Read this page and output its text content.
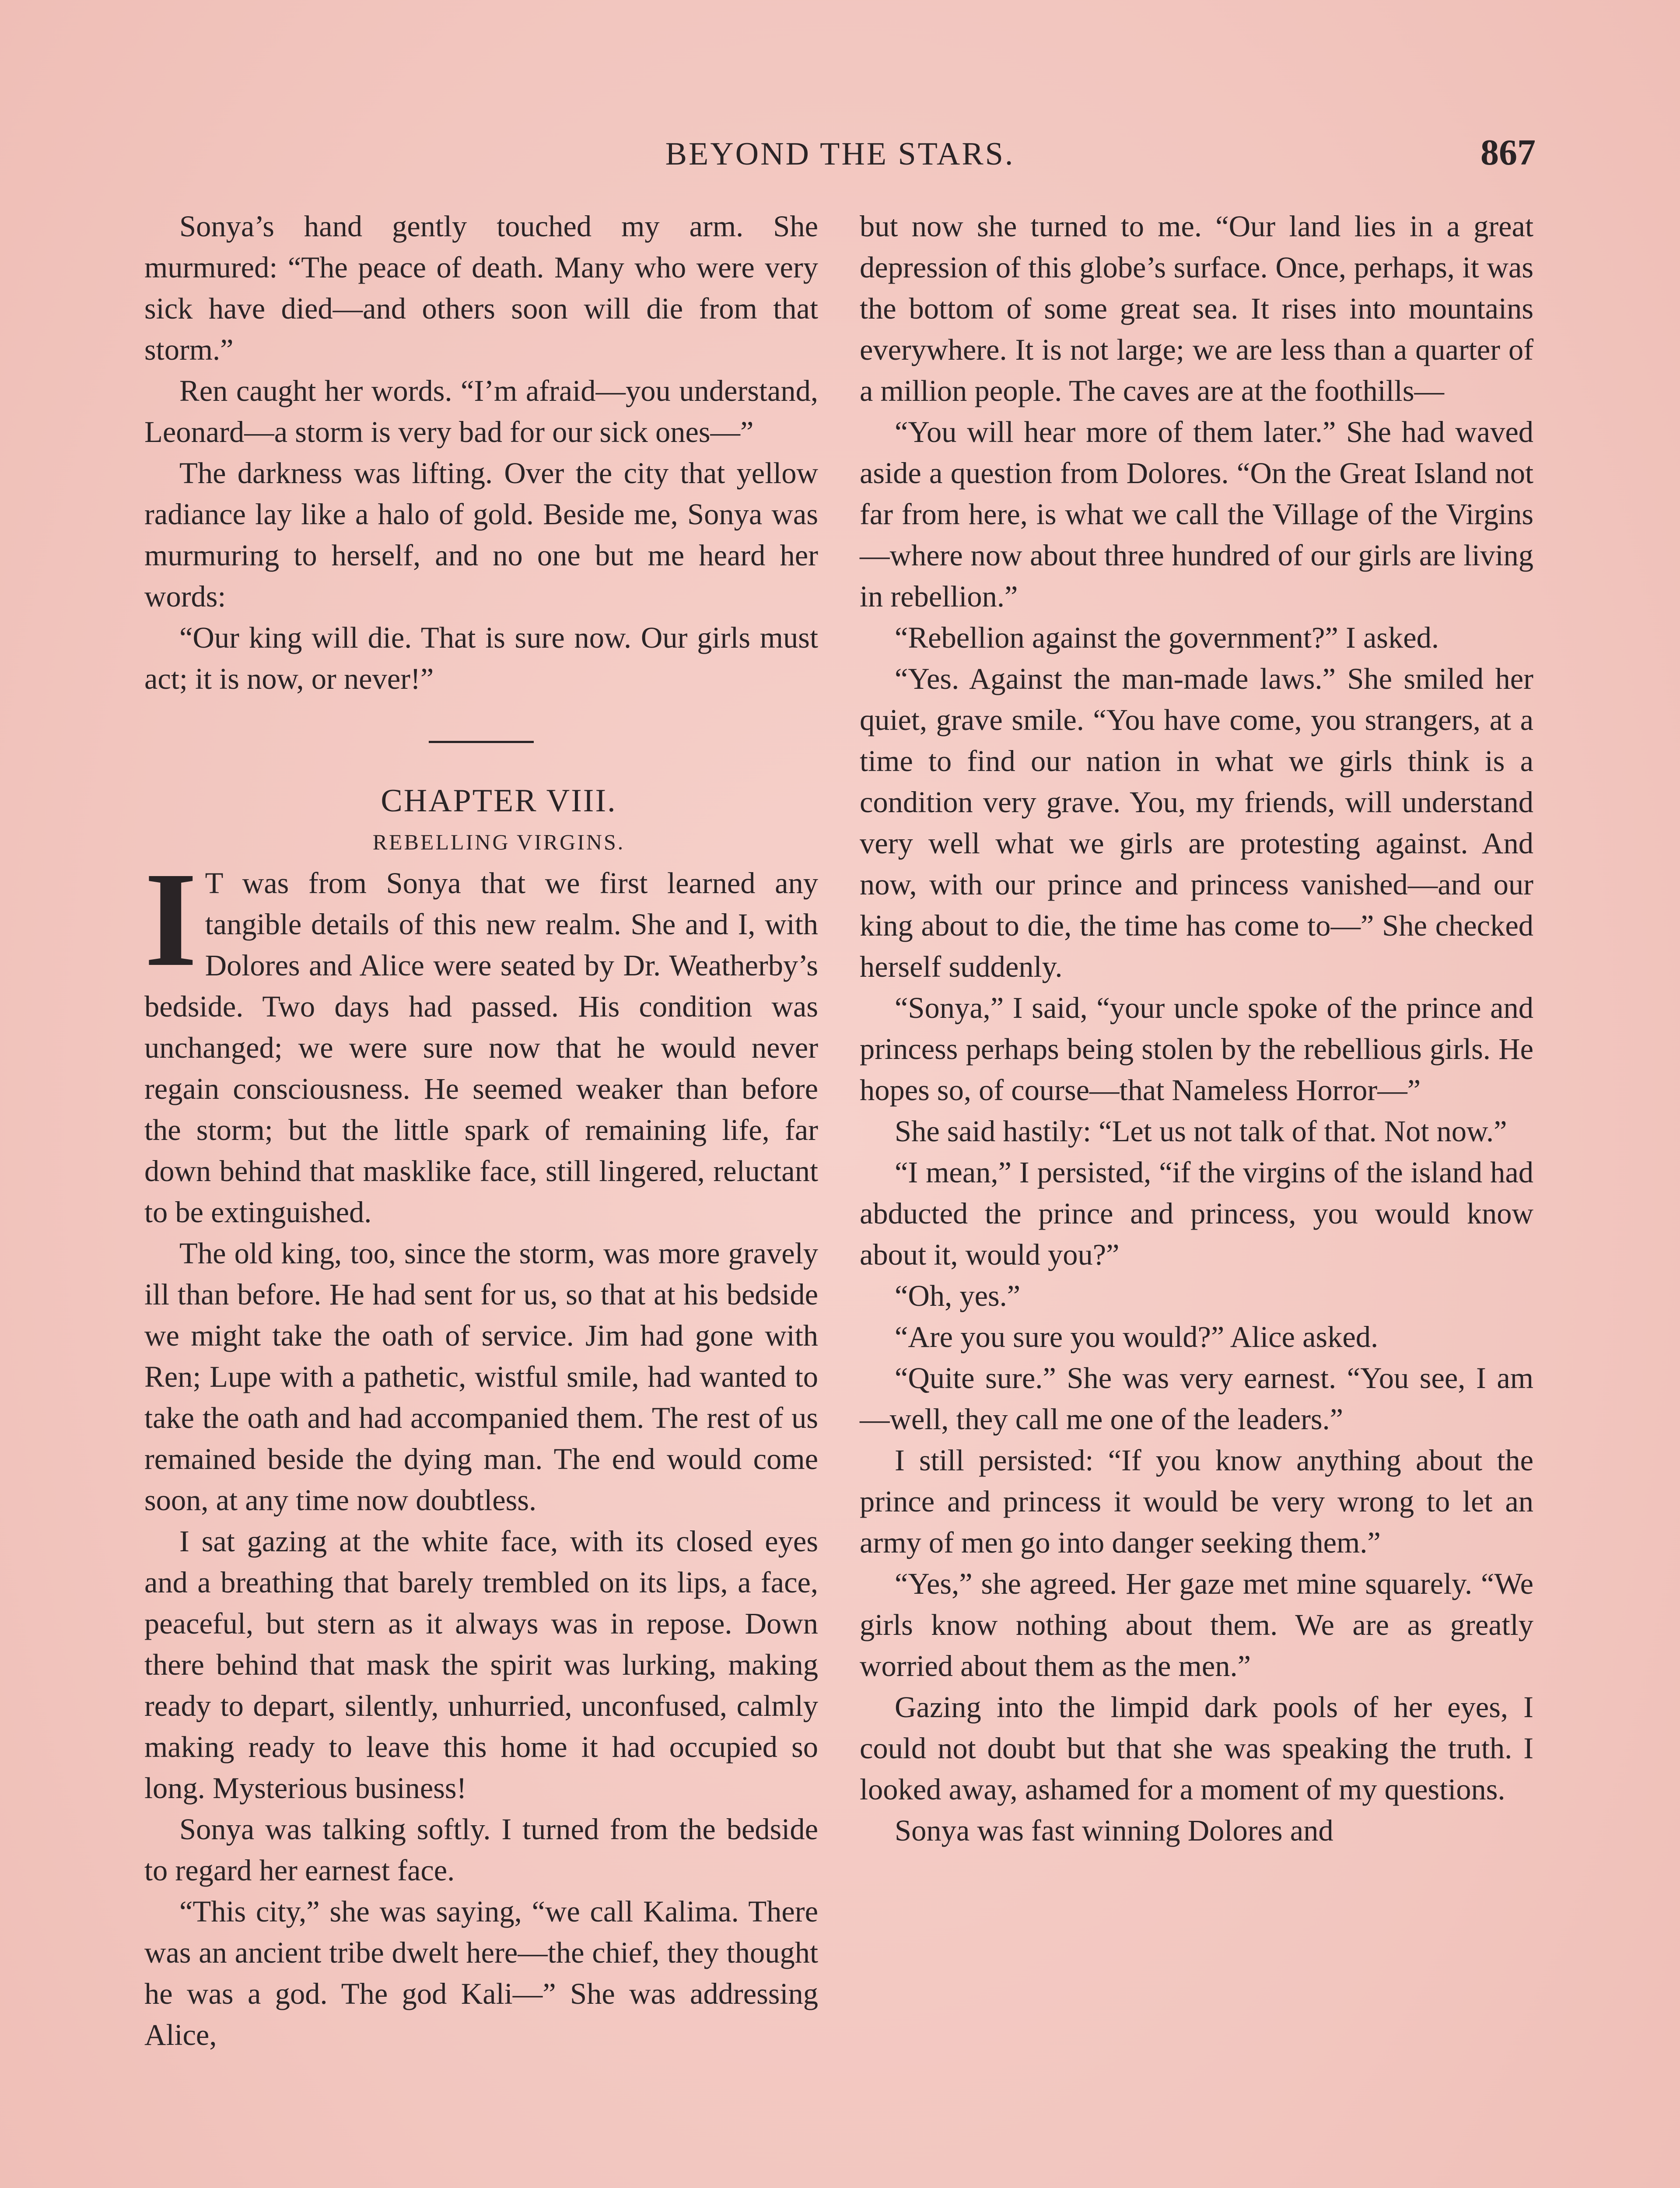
BEYOND THE STARS.	867

Sonya’s hand gently touched my arm. She murmured: “The peace of death. Many who were very sick have died—and others soon will die from that storm.”

Ren caught her words. “I’m afraid—you understand, Leonard—a storm is very bad for our sick ones—”

The darkness was lifting. Over the city that yellow radiance lay like a halo of gold. Beside me, Sonya was murmuring to herself, and no one but me heard her words:

“Our king will die. That is sure now. Our girls must act; it is now, or never!”

CHAPTER VIII.

REBELLING VIRGINS.

I T was from Sonya that we first learned any tangible details of this new realm. She and I, with Dolores and Alice were seated by Dr. Weatherby’s bedside. Two days had passed. His condition was unchanged; we were sure now that he would never regain consciousness. He seemed weaker than before the storm; but the little spark of remaining life, far down behind that masklike face, still lingered, reluctant to be extinguished.

The old king, too, since the storm, was more gravely ill than before. He had sent for us, so that at his bedside we might take the oath of service. Jim had gone with Ren; Lupe with a pathetic, wistful smile, had wanted to take the oath and had accompanied them. The rest of us remained beside the dying man. The end would come soon, at any time now doubtless.

I sat gazing at the white face, with its closed eyes and a breathing that barely trembled on its lips, a face, peaceful, but stern as it always was in repose. Down there behind that mask the spirit was lurking, making ready to depart, silently, unhurried, unconfused, calmly making ready to leave this home it had occupied so long. Mysterious business!

Sonya was talking softly. I turned from the bedside to regard her earnest face.

“This city,” she was saying, “we call Kalima. There was an ancient tribe dwelt here—the chief, they thought he was a god. The god Kali—” She was addressing Alice,

but now she turned to me. “Our land lies in a great depression of this globe’s surface. Once, perhaps, it was the bottom of some great sea. It rises into mountains everywhere. It is not large; we are less than a quarter of a million people. The caves are at the foothills—

“You will hear more of them later.” She had waved aside a question from Dolores. “On the Great Island not far from here, is what we call the Village of the Virgins—where now about three hundred of our girls are living in rebellion.”

“Rebellion against the government?” I asked.

“Yes. Against the man-made laws.” She smiled her quiet, grave smile. “You have come, you strangers, at a time to find our nation in what we girls think is a condition very grave. You, my friends, will understand very well what we girls are protesting against. And now, with our prince and princess vanished—and our king about to die, the time has come to—” She checked herself suddenly.

“Sonya,” I said, “your uncle spoke of the prince and princess perhaps being stolen by the rebellious girls. He hopes so, of course—that Nameless Horror—”

She said hastily: “Let us not talk of that. Not now.”

“I mean,” I persisted, “if the virgins of the island had abducted the prince and princess, you would know about it, would you?”

“Oh, yes.”

“Are you sure you would?” Alice asked.

“Quite sure.” She was very earnest. “You see, I am—well, they call me one of the leaders.”

I still persisted: “If you know anything about the prince and princess it would be very wrong to let an army of men go into danger seeking them.”

“Yes,” she agreed. Her gaze met mine squarely. “We girls know nothing about them. We are as greatly worried about them as the men.”

Gazing into the limpid dark pools of her eyes, I could not doubt but that she was speaking the truth. I looked away, ashamed for a moment of my questions.

Sonya was fast winning Dolores and
